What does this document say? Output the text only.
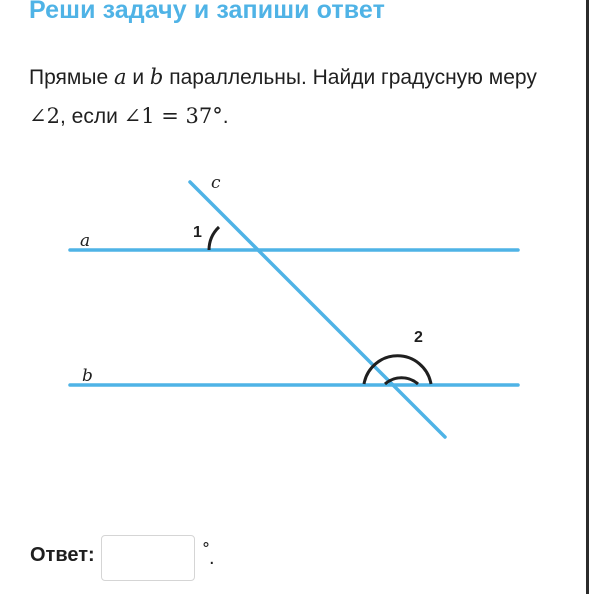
Реши задачу и запиши ответ

Прямые a и b параллельны. Найди градусную меру ∠2, если ∠1 = 37°.

c
a
b
1
2
Ответ:	° .
